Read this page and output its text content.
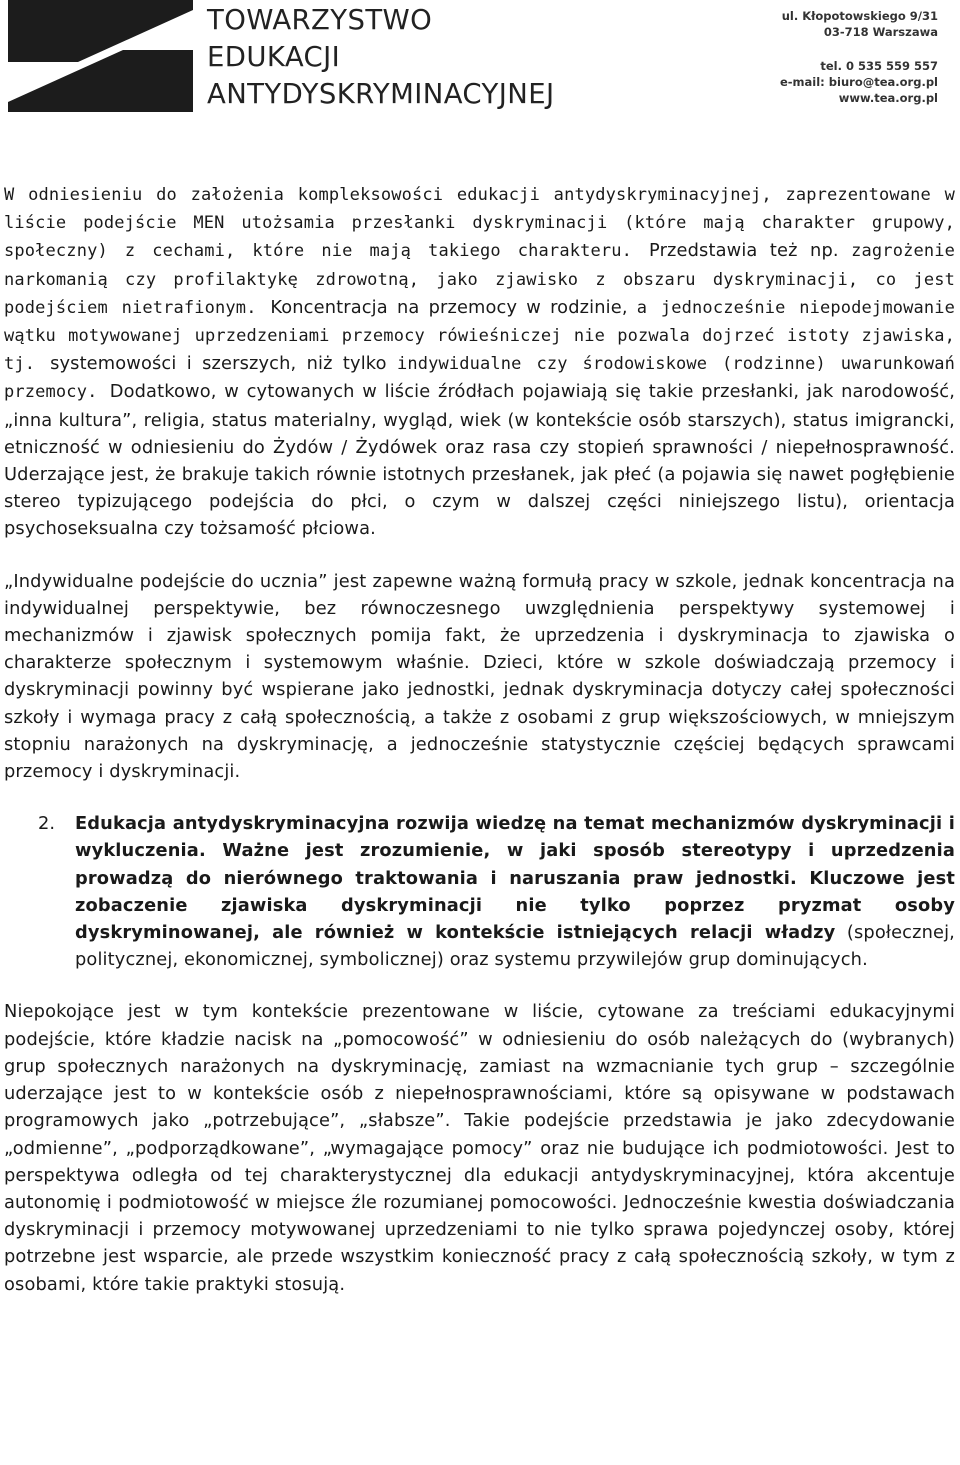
TOWARZYSTWO
EDUKACJI
ANTYDYSKRYMINACYJNEJ
ul. Kłopotowskiego 9/31
03-718 Warszawa
tel. 0 535 559 557
e-mail: biuro@tea.org.pl
www.tea.org.pl

W odniesieniu do założenia kompleksowości edukacji antydyskryminacyjnej, zaprezentowane w liście podejście MEN utożsamia przesłanki dyskryminacji (które mają charakter grupowy, społeczny) z cechami, które nie mają takiego charakteru. Przedstawia też np. zagrożenie narkomanią czy profilaktykę zdrowotną, jako zjawisko z obszaru dyskryminacji, co jest podejściem nietrafionym. Koncentracja na przemocy w rodzinie, a jednocześnie niepodejmowanie wątku motywowanej uprzedzeniami przemocy rówieśniczej nie pozwala dojrzeć istoty zjawiska, tj. systemowości i szerszych, niż tylko indywidualne czy środowiskowe (rodzinne) uwarunkowań przemocy. Dodatkowo, w cytowanych w liście źródłach pojawiają się takie przesłanki, jak narodowość, „inna kultura”, religia, status materialny, wygląd, wiek (w kontekście osób starszych), status imigrancki, etniczność w odniesieniu do Żydów / Żydówek oraz rasa czy stopień sprawności / niepełnosprawność. Uderzające jest, że brakuje takich równie istotnych przesłanek, jak płeć (a pojawia się nawet pogłębienie stereo typizującego podejścia do płci, o czym w dalszej części niniejszego listu), orientacja psychoseksualna czy tożsamość płciowa.

„Indywidualne podejście do ucznia” jest zapewne ważną formułą pracy w szkole, jednak koncentracja na indywidualnej perspektywie, bez równoczesnego uwzględnienia perspektywy systemowej i mechanizmów i zjawisk społecznych pomija fakt, że uprzedzenia i dyskryminacja to zjawiska o charakterze społecznym i systemowym właśnie. Dzieci, które w szkole doświadczają przemocy i dyskryminacji powinny być wspierane jako jednostki, jednak dyskryminacja dotyczy całej społeczności szkoły i wymaga pracy z całą społecznością, a także z osobami z grup większościowych, w mniejszym stopniu narażonych na dyskryminację, a jednocześnie statystycznie częściej będących sprawcami przemocy i dyskryminacji.

2. Edukacja antydyskryminacyjna rozwija wiedzę na temat mechanizmów dyskryminacji i wykluczenia. Ważne jest zrozumienie, w jaki sposób stereotypy i uprzedzenia prowadzą do nierównego traktowania i naruszania praw jednostki. Kluczowe jest zobaczenie zjawiska dyskryminacji nie tylko poprzez pryzmat osoby dyskryminowanej, ale również w kontekście istniejących relacji władzy (społecznej, politycznej, ekonomicznej, symbolicznej) oraz systemu przywilejów grup dominujących.

Niepokojące jest w tym kontekście prezentowane w liście, cytowane za treściami edukacyjnymi podejście, które kładzie nacisk na „pomocowość” w odniesieniu do osób należących do (wybranych) grup społecznych narażonych na dyskryminację, zamiast na wzmacnianie tych grup – szczególnie uderzające jest to w kontekście osób z niepełnosprawnościami, które są opisywane w podstawach programowych jako „potrzebujące”, „słabsze”. Takie podejście przedstawia je jako zdecydowanie „odmienne”, „podporządkowane”, „wymagające pomocy” oraz nie budujące ich podmiotowości. Jest to perspektywa odległa od tej charakterystycznej dla edukacji antydyskryminacyjnej, która akcentuje autonomię i podmiotowość w miejsce źle rozumianej pomocowości. Jednocześnie kwestia doświadczania dyskryminacji i przemocy motywowanej uprzedzeniami to nie tylko sprawa pojedynczej osoby, której potrzebne jest wsparcie, ale przede wszystkim konieczność pracy z całą społecznością szkoły, w tym z osobami, które takie praktyki stosują.
